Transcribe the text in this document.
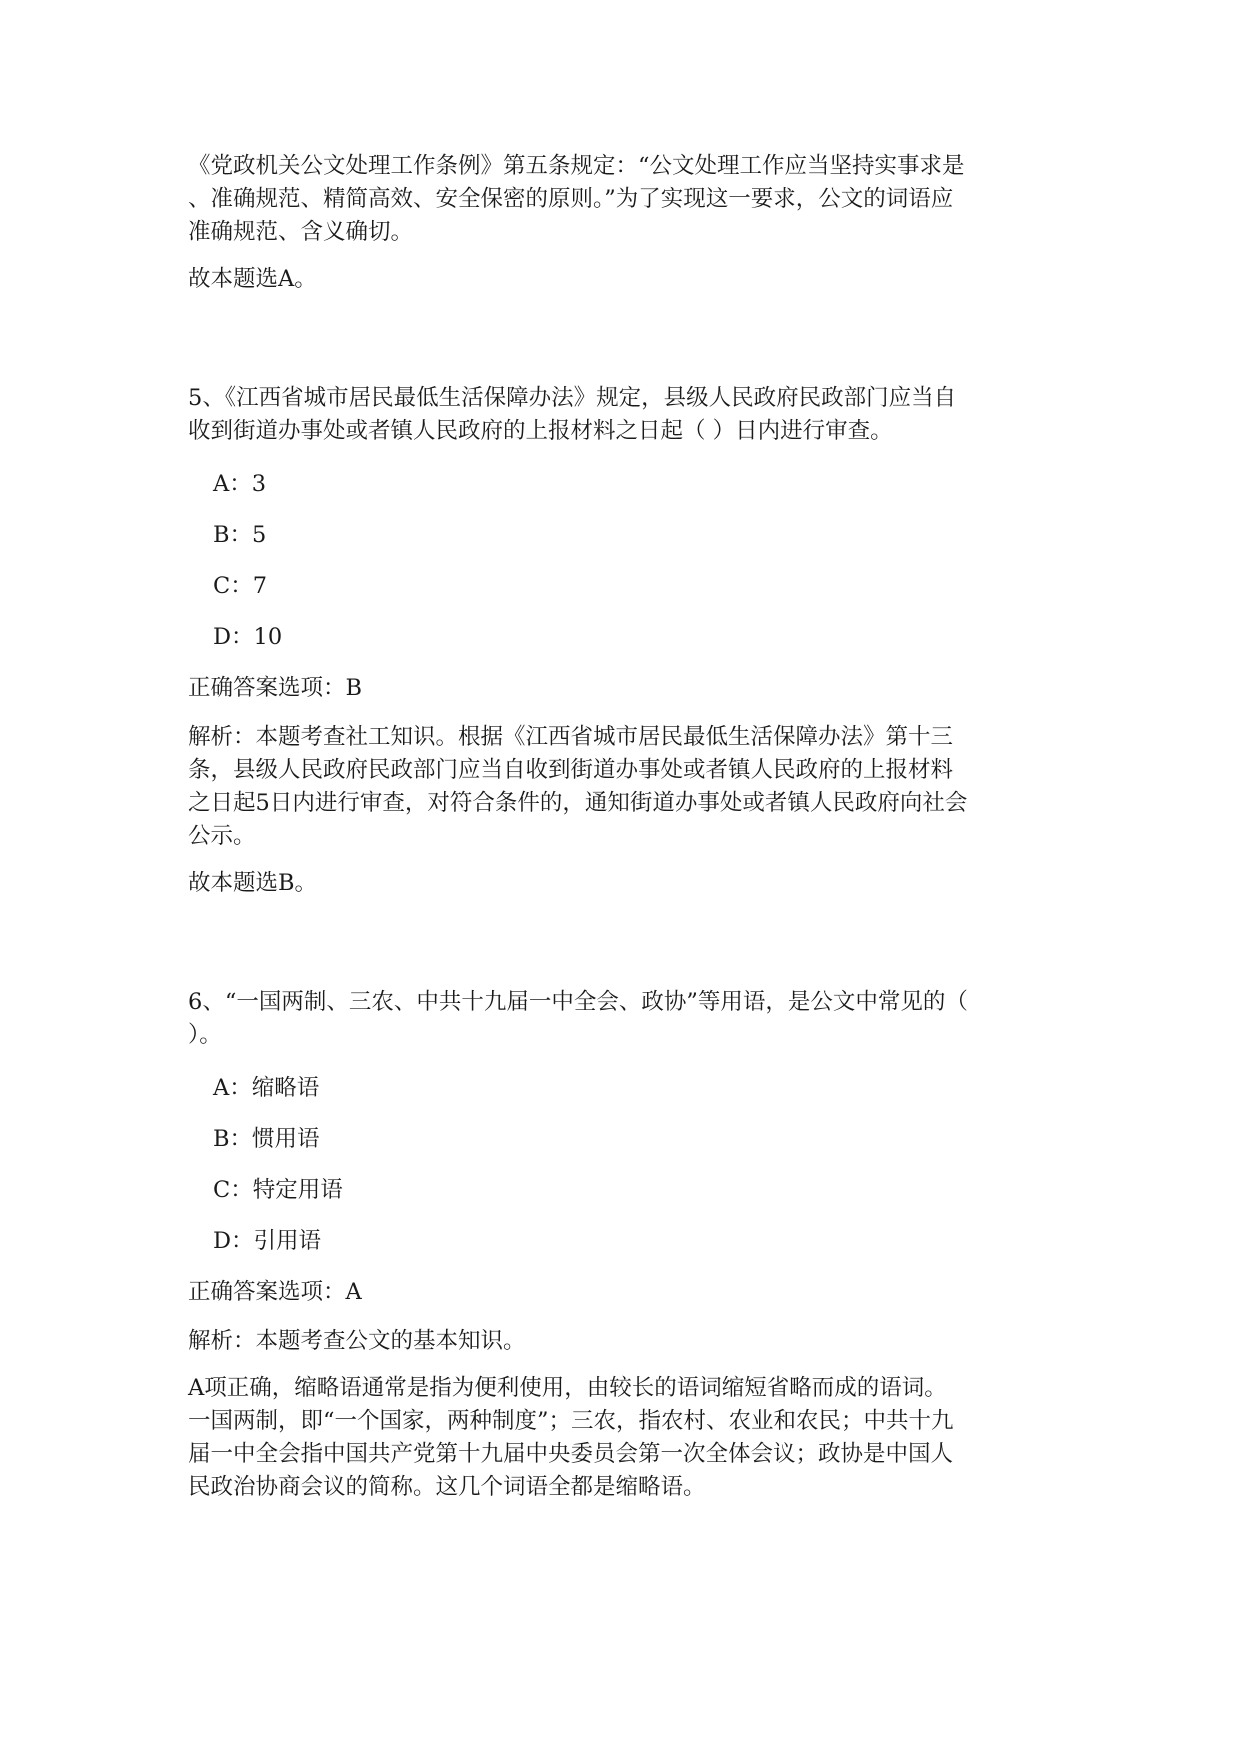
《党政机关公文处理工作条例》第五条规定：“公文处理工作应当坚持实事求是

、准确规范、精简高效、安全保密的原则。”为了实现这一要求，公文的词语应

准确规范、含义确切。

故本题选A。

5、《江西省城市居民最低生活保障办法》规定，县级人民政府民政部门应当自

收到街道办事处或者镇人民政府的上报材料之日起（ ）日内进行审查。

A：3

B：5

C：7

D：10

正确答案选项：B

解析：本题考查社工知识。根据《江西省城市居民最低生活保障办法》第十三

条，县级人民政府民政部门应当自收到街道办事处或者镇人民政府的上报材料

之日起5日内进行审查，对符合条件的，通知街道办事处或者镇人民政府向社会

公示。

故本题选B。

6、“一国两制、三农、中共十九届一中全会、政协”等用语，是公文中常见的（

）。

A：缩略语

B：惯用语

C：特定用语

D：引用语

正确答案选项：A

解析：本题考查公文的基本知识。

A项正确，缩略语通常是指为便利使用，由较长的语词缩短省略而成的语词。

一国两制，即“一个国家，两种制度”；三农，指农村、农业和农民；中共十九

届一中全会指中国共产党第十九届中央委员会第一次全体会议；政协是中国人

民政治协商会议的简称。这几个词语全都是缩略语。
